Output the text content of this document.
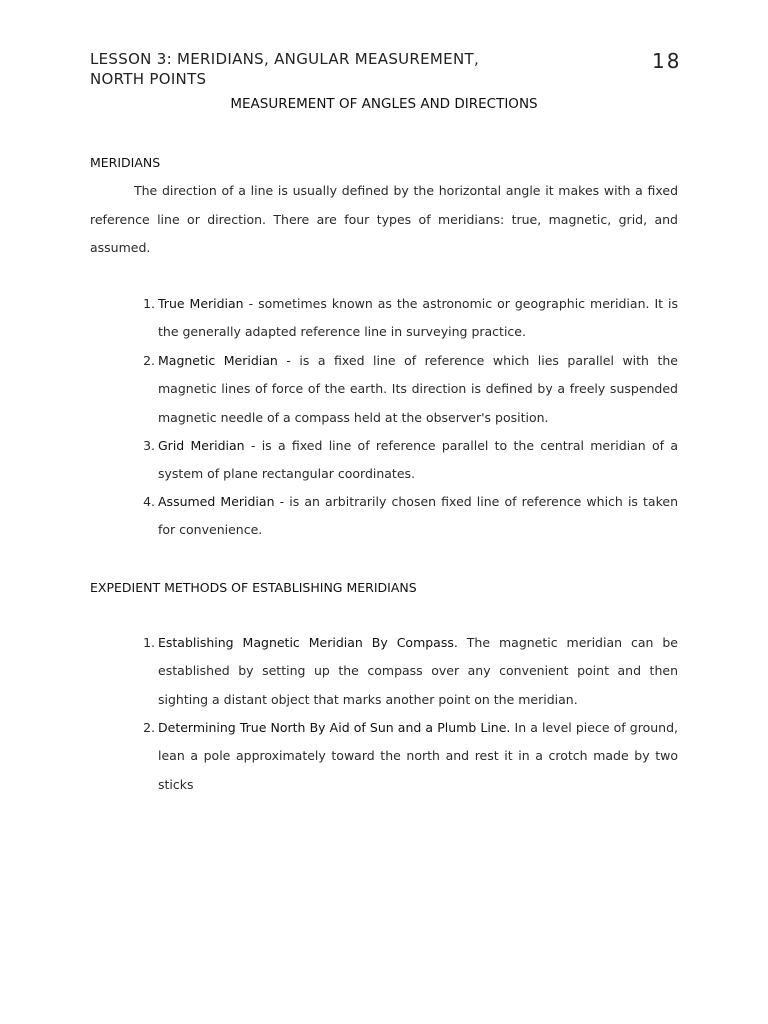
LESSON 3: MERIDIANS, ANGULAR MEASUREMENT,
NORTH POINTS
18
MEASUREMENT OF ANGLES AND DIRECTIONS
MERIDIANS

The direction of a line is usually defined by the horizontal angle it makes with a fixed reference line or direction. There are four types of meridians: true, magnetic, grid, and assumed.

1. True Meridian - sometimes known as the astronomic or geographic meridian. It is the generally adapted reference line in surveying practice.

2. Magnetic Meridian - is a fixed line of reference which lies parallel with the magnetic lines of force of the earth. Its direction is defined by a freely suspended magnetic needle of a compass held at the observer's position.

3. Grid Meridian - is a fixed line of reference parallel to the central meridian of a system of plane rectangular coordinates.

4. Assumed Meridian - is an arbitrarily chosen fixed line of reference which is taken for convenience.

EXPEDIENT METHODS OF ESTABLISHING MERIDIANS

1. Establishing Magnetic Meridian By Compass. The magnetic meridian can be established by setting up the compass over any convenient point and then sighting a distant object that marks another point on the meridian.

2. Determining True North By Aid of Sun and a Plumb Line. In a level piece of ground, lean a pole approximately toward the north and rest it in a crotch made by two sticks
